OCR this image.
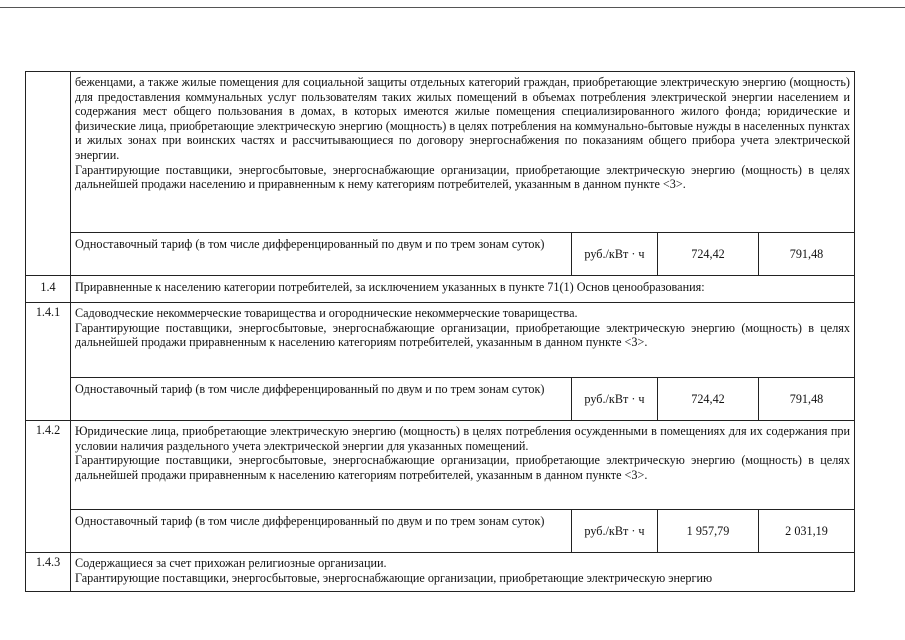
	беженцами, а также жилые помещения для социальной защиты отдельных категорий граждан, приобретающие электрическую энергию (мощность) для предоставления коммунальных услуг пользователям таких жилых помещений в объемах потребления электрической энергии населением и содержания мест общего пользования в домах, в которых имеются жилые помещения специализированного жилого фонда; юридические и физические лица, приобретающие электрическую энергию (мощность) в целях потребления на коммунально-бытовые нужды в населенных пунктах и жилых зонах при воинских частях и рассчитывающиеся по договору энергоснабжения по показаниям общего прибора учета электрической энергии.

Гарантирующие поставщики, энергосбытовые, энергоснабжающие организации, приобретающие электрическую энергию (мощность) в целях дальнейшей продажи населению и приравненным к нему категориям потребителей, указанным в данном пункте <3>.			

	Одноставочный тариф (в том числе дифференцированный по двум и по трем зонам суток)	руб./кВт · ч	724,42	791,48
1.4	Приравненные к населению категории потребителей, за исключением указанных в пункте 71(1) Основ ценообразования:			
1.4.1	Садоводческие некоммерческие товарищества и огороднические некоммерческие товарищества.

Гарантирующие поставщики, энергосбытовые, энергоснабжающие организации, приобретающие электрическую энергию (мощность) в целях дальнейшей продажи приравненным к населению категориям потребителей, указанным в данном пункте <3>.			

	Одноставочный тариф (в том числе дифференцированный по двум и по трем зонам суток)	руб./кВт · ч	724,42	791,48
1.4.2	Юридические лица, приобретающие электрическую энергию (мощность) в целях потребления осужденными в помещениях для их содержания при условии наличия раздельного учета электрической энергии для указанных помещений.

Гарантирующие поставщики, энергосбытовые, энергоснабжающие организации, приобретающие электрическую энергию (мощность) в целях дальнейшей продажи приравненным к населению категориям потребителей, указанным в данном пункте <3>.			

	Одноставочный тариф (в том числе дифференцированный по двум и по трем зонам суток)	руб./кВт · ч	1 957,79	2 031,19
1.4.3	Содержащиеся за счет прихожан религиозные организации.

Гарантирующие поставщики, энергосбытовые, энергоснабжающие организации, приобретающие электрическую энергию			
